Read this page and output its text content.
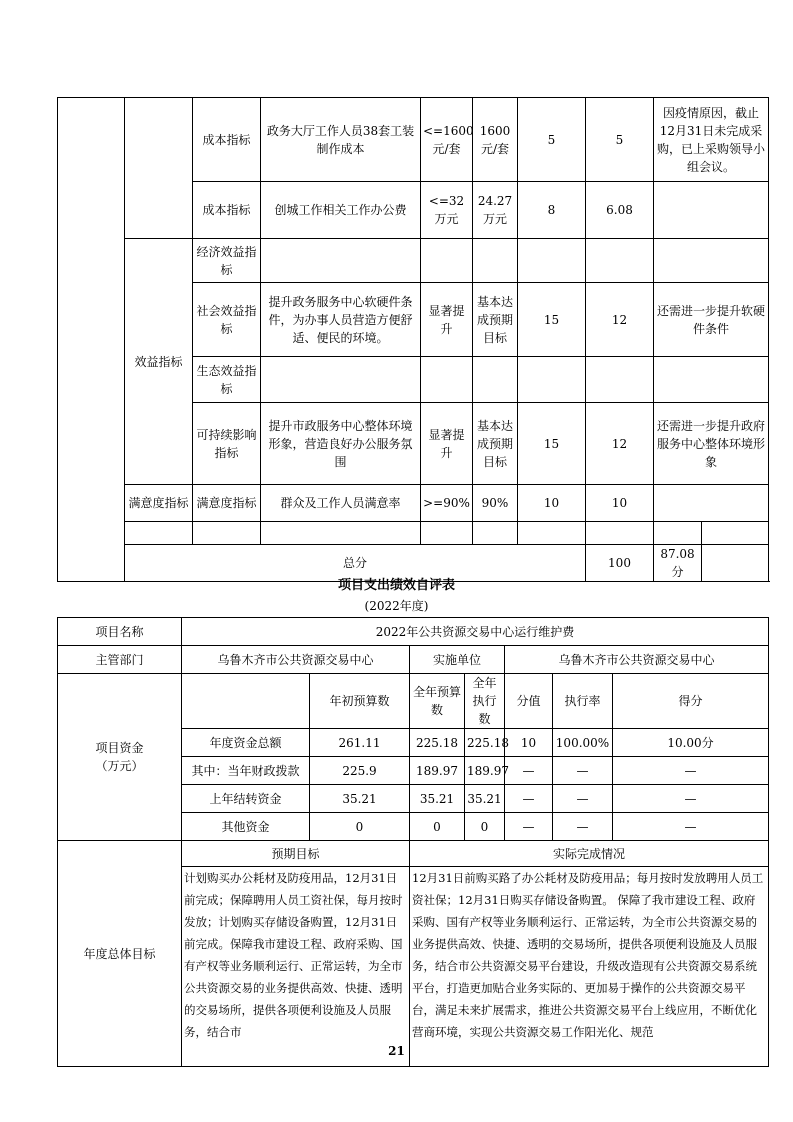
		成本指标	政务大厅工作人员38套工装制作成本	<=1600元/套	1600元/套	5	5	因疫情原因，截止12月31日未完成采购，已上采购领导小组会议。	
		成本指标	创城工作相关工作办公费	<=32万元	24.27万元	8	6.08		
	效益指标	经济效益指标							
		社会效益指标	提升政务服务中心软硬件条件，为办事人员营造方便舒适、便民的环境。	显著提升	基本达成预期目标	15	12	还需进一步提升软硬件条件	
		生态效益指标							
		可持续影响指标	提升市政服务中心整体环境形象，营造良好办公服务氛围	显著提升	基本达成预期目标	15	12	还需进一步提升政府服务中心整体环境形象	
	满意度指标	满意度指标	群众及工作人员满意率	>=90%	90%	10	10		

	总分						100	87.08分	
项目支出绩效自评表
(2022年度)
项目名称	2022年公共资源交易中心运行维护费						
主管部门	乌鲁木齐市公共资源交易中心		实施单位		乌鲁木齐市公共资源交易中心		

项目资金
（万元）		年初预算数	全年预算数	全年执行数	分值	执行率	得分
	年度资金总额	261.11	225.18	225.18	10	100.00%	10.00分
	其中：当年财政拨款	225.9	189.97	189.97	—	—	—
	上年结转资金	35.21	35.21	35.21	—	—	—
	其他资金	0	0	0	—	—	—
年度总体目标	预期目标		实际完成情况				
	计划购买办公耗材及防疫用品，12月31日前完成；保障聘用人员工资社保，每月按时发放；计划购买存储设备购置，12月31日前完成。保障我市建设工程、政府采购、国有产权等业务顺利运行、正常运转，为全市公共资源交易的业务提供高效、快捷、透明的交易场所，提供各项便利设施及人员服务，结合市		12月31日前购买路了办公耗材及防疫用品；每月按时发放聘用人员工资社保；12月31日购买存储设备购置。 保障了我市建设工程、政府采购、国有产权等业务顺利运行、正常运转，为全市公共资源交易的业务提供高效、快捷、透明的交易场所，提供各项便利设施及人员服务，结合市公共资源交易平台建设，升级改造现有公共资源交易系统平台，打造更加贴合业务实际的、更加易于操作的公共资源交易平台，满足未来扩展需求，推进公共资源交易平台上线应用，不断优化营商环境，实现公共资源交易工作阳光化、规范				
21
